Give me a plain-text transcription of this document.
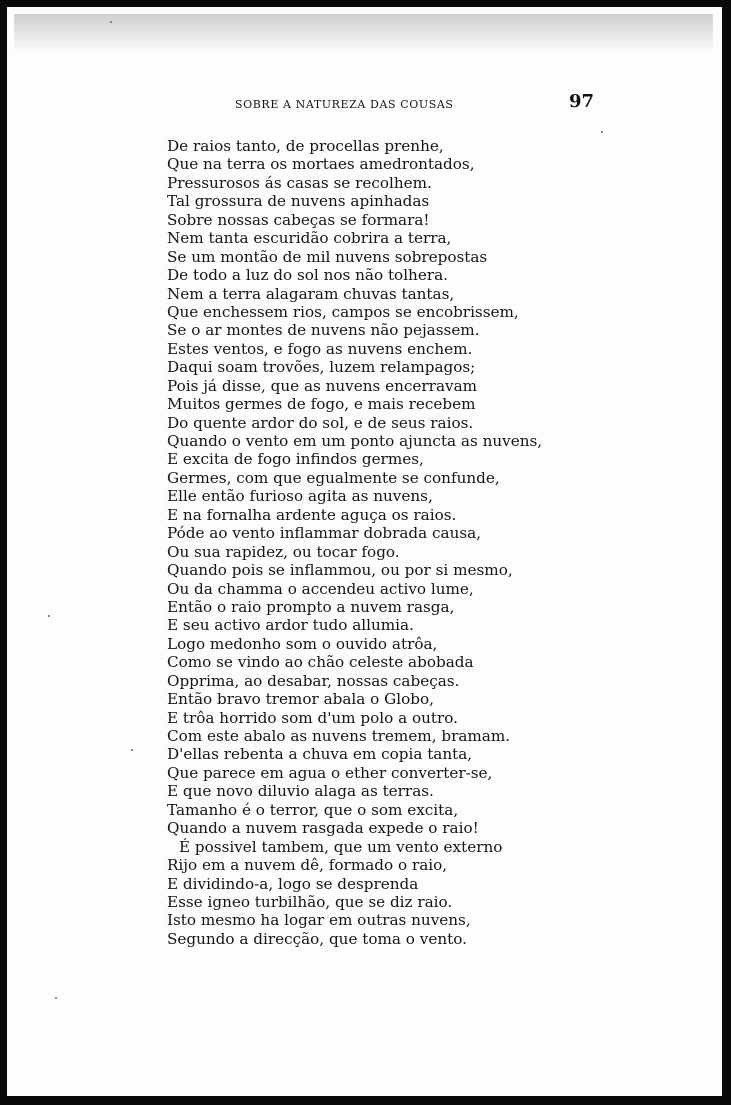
SOBRE A NATUREZA DAS COUSAS	97
De raios tanto, de procellas prenhe,
Que na terra os mortaes amedrontados,
Pressurosos ás casas se recolhem.
Tal grossura de nuvens apinhadas
Sobre nossas cabeças se formara!
Nem tanta escuridão cobrira a terra,
Se um montão de mil nuvens sobrepostas
De todo a luz do sol nos não tolhera.
Nem a terra alagaram chuvas tantas,
Que enchessem rios, campos se encobrissem,
Se o ar montes de nuvens não pejassem.
Estes ventos, e fogo as nuvens enchem.
Daqui soam trovões, luzem relampagos;
Pois já disse, que as nuvens encerravam
Muitos germes de fogo, e mais recebem
Do quente ardor do sol, e de seus raios.
Quando o vento em um ponto ajuncta as nuvens,
E excita de fogo infindos germes,
Germes, com que egualmente se confunde,
Elle então furioso agita as nuvens,
E na fornalha ardente aguça os raios.
Póde ao vento inflammar dobrada causa,
Ou sua rapidez, ou tocar fogo.
Quando pois se inflammou, ou por si mesmo,
Ou da chamma o accendeu activo lume,
Então o raio prompto a nuvem rasga,
E seu activo ardor tudo allumia.
Logo medonho som o ouvido atrôa,
Como se vindo ao chão celeste abobada
Opprima, ao desabar, nossas cabeças.
Então bravo tremor abala o Globo,
E trôa horrido som d'um polo a outro.
Com este abalo as nuvens tremem, bramam.
D'ellas rebenta a chuva em copia tanta,
Que parece em agua o ether converter-se,
E que novo diluvio alaga as terras.
Tamanho é o terror, que o som excita,
Quando a nuvem rasgada expede o raio!
É possivel tambem, que um vento externo
Rijo em a nuvem dê, formado o raio,
E dividindo-a, logo se desprenda
Esse igneo turbilhão, que se diz raio.
Isto mesmo ha logar em outras nuvens,
Segundo a direcção, que toma o vento.
